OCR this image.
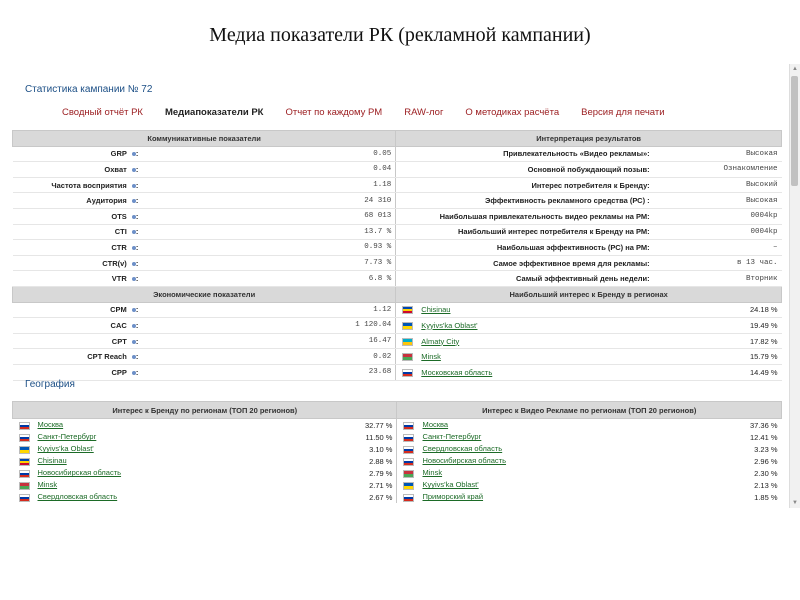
Медиа показатели РК (рекламной кампании)
Статистика кампании № 72
Сводный отчёт РК Медиапоказатели РК Отчет по каждому РМ RAW-лог О методиках расчёта Версия для печати
Коммуникативные показатели		Интерпретация результатов	
GRP :	0.05	Привлекательность «Видео рекламы»:	Высокая
Охват :	0.04	Основной побуждающий позыв:	Ознакомление
Частота восприятия :	1.18	Интерес потребителя к Бренду:	Высокий
Аудитория :	24 310	Эффективность рекламного средства (РС) :	Высокая
OTS :	68 013	Наибольшая привлекательность видео рекламы на РМ:	0004kp
CTI :	13.7 %	Наибольший интерес потребителя к Бренду на РМ:	0004kp
CTR :	0.93 %	Наибольшая эффективность (РС) на РМ:	–
CTR(v) :	7.73 %	Самое эффективное время для рекламы:	в 13 час.
VTR :	6.8 %	Самый эффективный день недели:	Вторник
Экономические показатели		Наибольший интерес к Бренду в регионах	
CPM :	1.12	Chisinau	24.18 %
CAC :	1 120.04	Kyyivs'ka Oblast'	19.49 %
CPT :	16.47	Almaty City	17.82 %
CPT Reach :	0.02	Minsk	15.79 %
CPP :	23.68	Московская область	14.49 %
География
Интерес к Бренду по регионам (ТОП 20 регионов)		Интерес к Видео Рекламе по регионам (ТОП 20 регионов)	
Москва	32.77 %	Москва	37.36 %
Санкт-Петербург	11.50 %	Санкт-Петербург	12.41 %
Kyyivs'ka Oblast'	3.10 %	Свердловская область	3.23 %
Chisinau	2.88 %	Новосибирская область	2.96 %
Новосибирская область	2.79 %	Minsk	2.30 %
Minsk	2.71 %	Kyyivs'ka Oblast'	2.13 %
Свердловская область	2.67 %	Приморский край	1.85 %
▲
▼
